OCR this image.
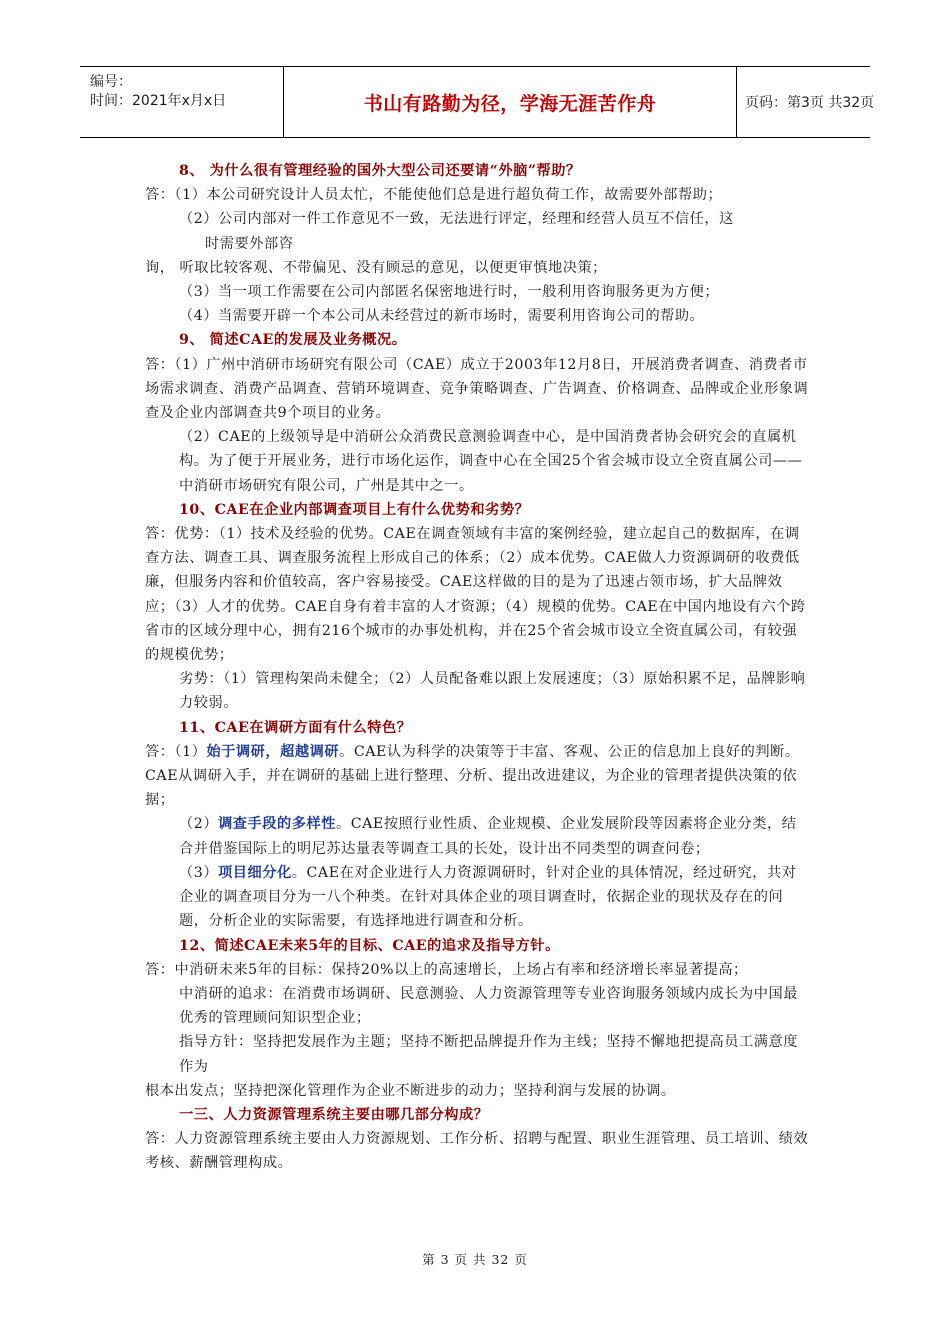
编号：
时间：2021年x月x日	书山有路勤为径，学海无涯苦作舟	页码：第3页 共32页

8、 为什么很有管理经验的国外大型公司还要请“外脑”帮助？

答：（1）本公司研究设计人员太忙，不能使他们总是进行超负荷工作，故需要外部帮助；

（2）公司内部对一件工作意见不一致，无法进行评定，经理和经营人员互不信任，这

时需要外部咨

询， 听取比较客观、不带偏见、没有顾忌的意见，以便更审慎地决策；

（3）当一项工作需要在公司内部匿名保密地进行时，一般利用咨询服务更为方便；

（4）当需要开辟一个本公司从未经营过的新市场时，需要利用咨询公司的帮助。

9、 简述CAE的发展及业务概况。

答：（1）广州中消研市场研究有限公司（CAE）成立于2003年12月8日，开展消费者调查、消费者市场需求调查、消费产品调查、营销环境调查、竞争策略调查、广告调查、价格调查、品牌或企业形象调查及企业内部调查共9个项目的业务。

（2）CAE的上级领导是中消研公众消费民意测验调查中心，是中国消费者协会研究会的直属机构。为了便于开展业务，进行市场化运作，调查中心在全国25个省会城市设立全资直属公司——中消研市场研究有限公司，广州是其中之一。

10、CAE在企业内部调查项目上有什么优势和劣势？

答：优势：（1）技术及经验的优势。CAE在调查领域有丰富的案例经验，建立起自己的数据库，在调查方法、调查工具、调查服务流程上形成自己的体系；（2）成本优势。CAE做人力资源调研的收费低廉，但服务内容和价值较高，客户容易接受。CAE这样做的目的是为了迅速占领市场，扩大品牌效应；（3）人才的优势。CAE自身有着丰富的人才资源；（4）规模的优势。CAE在中国内地设有六个跨省市的区域分理中心，拥有216个城市的办事处机构，并在25个省会城市设立全资直属公司，有较强的规模优势；

劣势：（1）管理构架尚未健全；（2）人员配备难以跟上发展速度；（3）原始积累不足，品牌影响力较弱。

11、CAE在调研方面有什么特色？

答：（1）始于调研，超越调研。CAE认为科学的决策等于丰富、客观、公正的信息加上良好的判断。CAE从调研入手，并在调研的基础上进行整理、分析、提出改进建议，为企业的管理者提供决策的依据；

（2）调查手段的多样性。CAE按照行业性质、企业规模、企业发展阶段等因素将企业分类，结合并借鉴国际上的明尼苏达量表等调查工具的长处，设计出不同类型的调查问卷；

（3）项目细分化。CAE在对企业进行人力资源调研时，针对企业的具体情况，经过研究，共对企业的调查项目分为一八个种类。在针对具体企业的项目调查时，依据企业的现状及存在的问题，分析企业的实际需要，有选择地进行调查和分析。

12、简述CAE未来5年的目标、CAE的追求及指导方针。

答：中消研未来5年的目标：保持20%以上的高速增长，上场占有率和经济增长率显著提高；

中消研的追求：在消费市场调研、民意测验、人力资源管理等专业咨询服务领域内成长为中国最优秀的管理顾问知识型企业；

指导方针：坚持把发展作为主题；坚持不断把品牌提升作为主线；坚持不懈地把提高员工满意度作为

根本出发点；坚持把深化管理作为企业不断进步的动力；坚持利润与发展的协调。

一三、人力资源管理系统主要由哪几部分构成？

答：人力资源管理系统主要由人力资源规划、工作分析、招聘与配置、职业生涯管理、员工培训、绩效考核、薪酬管理构成。

第 3 页 共 32 页
